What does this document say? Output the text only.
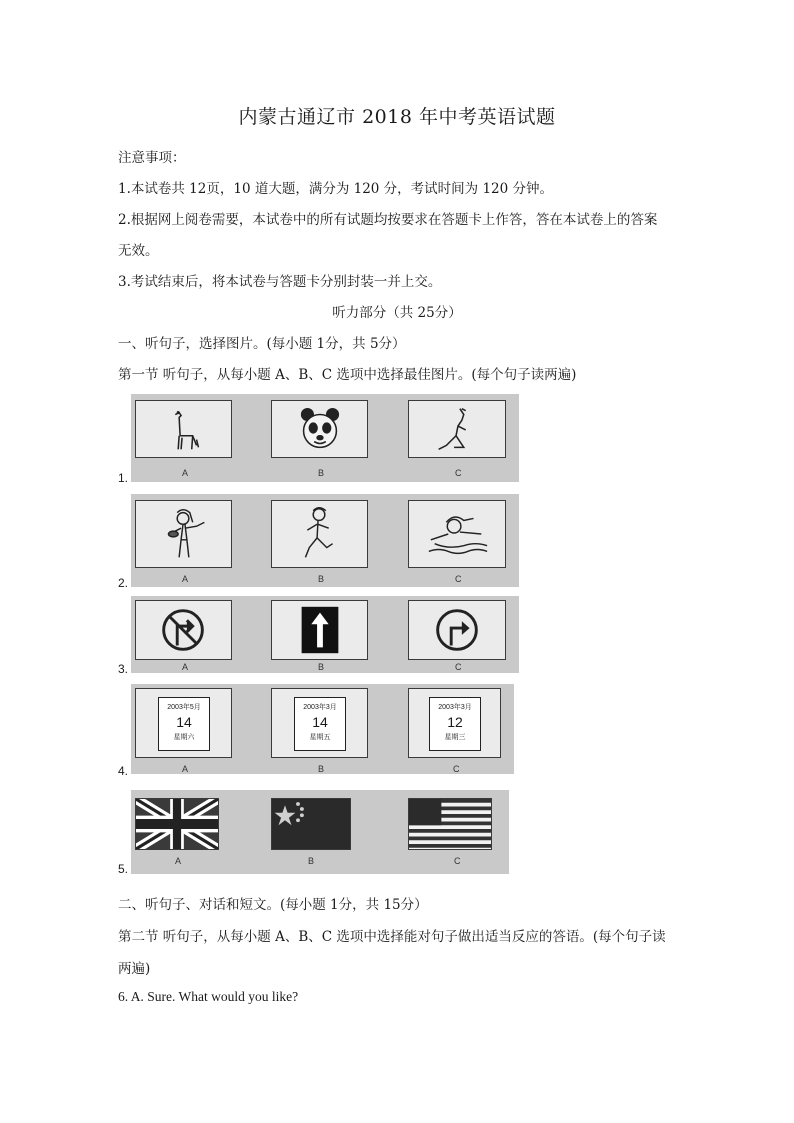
内蒙古通辽市 2018 年中考英语试题
注意事项：
1.本试卷共 12页，10 道大题，满分为 120 分，考试时间为 120 分钟。
2.根据网上阅卷需要，本试卷中的所有试题均按要求在答题卡上作答，答在本试卷上的答案
无效。
3.考试结束后，将本试卷与答题卡分别封装一并上交。
听力部分（共 25分）
一、听句子，选择图片。(每小题 1分，共 5分）
第一节 听句子，从每小题 A、B、C 选项中选择最佳图片。(每个句子读两遍)
1.	A	B	C
2.	A	B	C
3.	A	B	C
4.
2003年5月
14
星期六
A
2003年3月
14
星期五
B
2003年3月
12
星期三
C
5.
A	B	C
二、听句子、对话和短文。(每小题 1分，共 15分）
第二节 听句子，从每小题 A、B、C 选项中选择能对句子做出适当反应的答语。(每个句子读
两遍)
6. A. Sure. What would you like?
